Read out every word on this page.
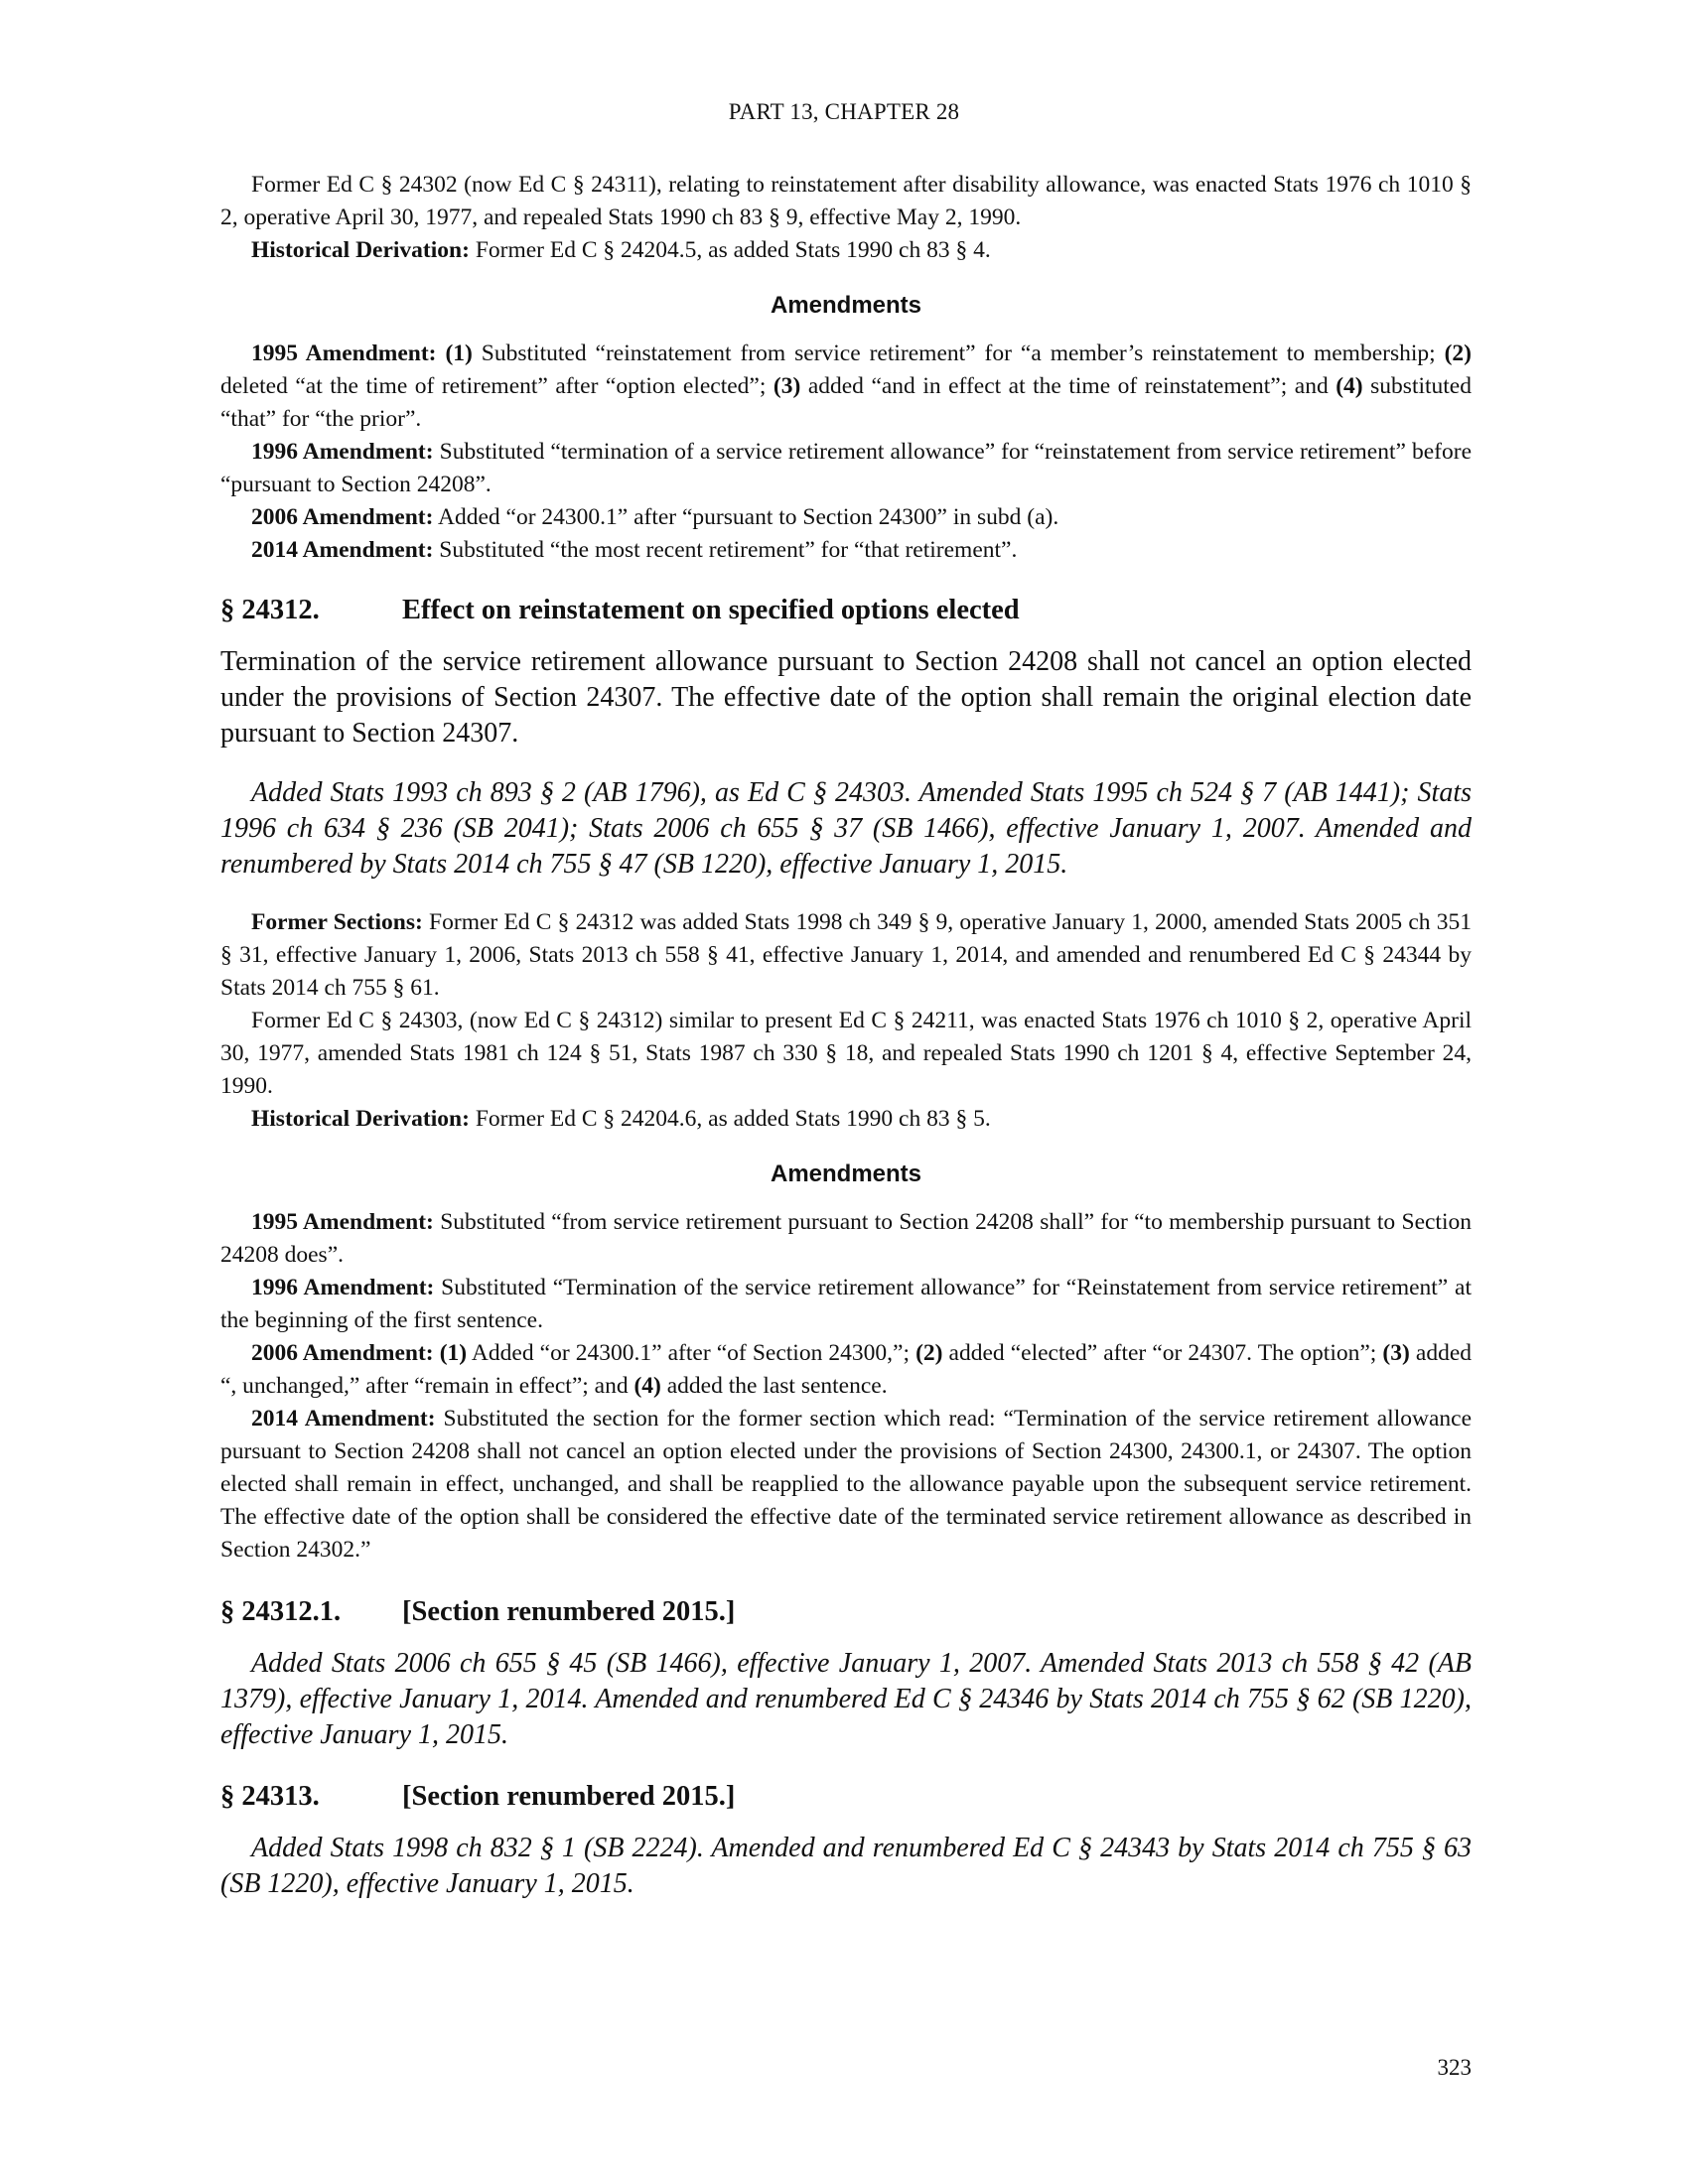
PART 13, CHAPTER 28

Former Ed C § 24302 (now Ed C § 24311), relating to reinstatement after disability allowance, was enacted Stats 1976 ch 1010 § 2, operative April 30, 1977, and repealed Stats 1990 ch 83 § 9, effective May 2, 1990.

Historical Derivation: Former Ed C § 24204.5, as added Stats 1990 ch 83 § 4.

Amendments

1995 Amendment: (1) Substituted “reinstatement from service retirement” for “a member’s reinstatement to membership; (2) deleted “at the time of retirement” after “option elected”; (3) added “and in effect at the time of reinstatement”; and (4) substituted “that” for “the prior”.

1996 Amendment: Substituted “termination of a service retirement allowance” for “reinstatement from service retirement” before “pursuant to Section 24208”.

2006 Amendment: Added “or 24300.1” after “pursuant to Section 24300” in subd (a).

2014 Amendment: Substituted “the most recent retirement” for “that retirement”.

§ 24312.	Effect on reinstatement on specified options elected

Termination of the service retirement allowance pursuant to Section 24208 shall not cancel an option elected under the provisions of Section 24307. The effective date of the option shall remain the original election date pursuant to Section 24307.

Added Stats 1993 ch 893 § 2 (AB 1796), as Ed C § 24303. Amended Stats 1995 ch 524 § 7 (AB 1441); Stats 1996 ch 634 § 236 (SB 2041); Stats 2006 ch 655 § 37 (SB 1466), effective January 1, 2007. Amended and renumbered by Stats 2014 ch 755 § 47 (SB 1220), effective January 1, 2015.

Former Sections: Former Ed C § 24312 was added Stats 1998 ch 349 § 9, operative January 1, 2000, amended Stats 2005 ch 351 § 31, effective January 1, 2006, Stats 2013 ch 558 § 41, effective January 1, 2014, and amended and renumbered Ed C § 24344 by Stats 2014 ch 755 § 61.

Former Ed C § 24303, (now Ed C § 24312) similar to present Ed C § 24211, was enacted Stats 1976 ch 1010 § 2, operative April 30, 1977, amended Stats 1981 ch 124 § 51, Stats 1987 ch 330 § 18, and repealed Stats 1990 ch 1201 § 4, effective September 24, 1990.

Historical Derivation: Former Ed C § 24204.6, as added Stats 1990 ch 83 § 5.

Amendments

1995 Amendment: Substituted “from service retirement pursuant to Section 24208 shall” for “to membership pursuant to Section 24208 does”.

1996 Amendment: Substituted “Termination of the service retirement allowance” for “Reinstatement from service retirement” at the beginning of the first sentence.

2006 Amendment: (1) Added “or 24300.1” after “of Section 24300,”; (2) added “elected” after “or 24307. The option”; (3) added “, unchanged,” after “remain in effect”; and (4) added the last sentence.

2014 Amendment: Substituted the section for the former section which read: “Termination of the service retirement allowance pursuant to Section 24208 shall not cancel an option elected under the provisions of Section 24300, 24300.1, or 24307. The option elected shall remain in effect, unchanged, and shall be reapplied to the allowance payable upon the subsequent service retirement. The effective date of the option shall be considered the effective date of the terminated service retirement allowance as described in Section 24302.”

§ 24312.1. [Section renumbered 2015.]

Added Stats 2006 ch 655 § 45 (SB 1466), effective January 1, 2007. Amended Stats 2013 ch 558 § 42 (AB 1379), effective January 1, 2014. Amended and renumbered Ed C § 24346 by Stats 2014 ch 755 § 62 (SB 1220), effective January 1, 2015.

§ 24313.	[Section renumbered 2015.]

Added Stats 1998 ch 832 § 1 (SB 2224). Amended and renumbered Ed C § 24343 by Stats 2014 ch 755 § 63 (SB 1220), effective January 1, 2015.

323
